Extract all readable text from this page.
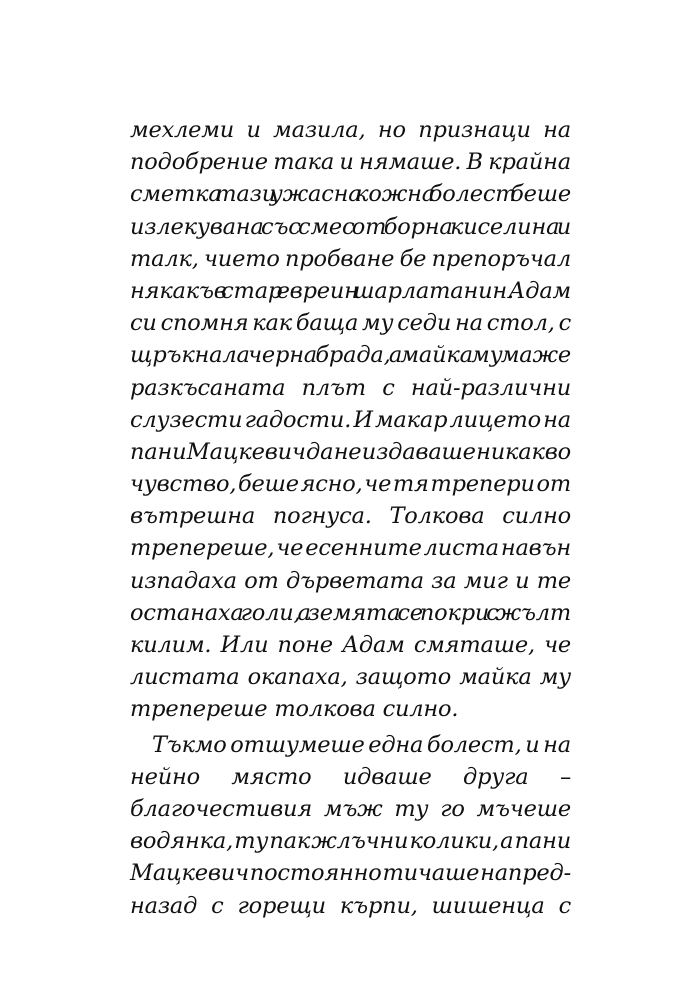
мехлеми и мазила, но признаци на
подобрение така и нямаше. В крайна
сметка тази ужасна кожна болест беше
излекувана със смес от борна киселина и
талк, чието пробване бе препоръчал
някакъв стар евреин шарлатанин. Адам
си спомня как баща му седи на стол, с
щръкнала черна брада, а майка му маже
разкъсаната плът с най-различни
слузести гадости. И макар лицето на
пани Мацкевич да не издаваше никакво
чувство, беше ясно, че тя трепери от
вътрешна погнуса. Толкова силно
трепереше, че есенните листа навън
изпадаха от дърветата за миг и те
останаха голи, а земята се покри с жълт
килим. Или поне Адам смяташе, че
листата окапаха, защото майка му
трепереше толкова силно.
Тъкмо отшумеше една болест, и на
нейно място идваше друга –
благочестивия мъж ту го мъчеше
водянка, ту пак жлъчни колики, а пани
Мацкевич постоянно тичаше напред-
назад с горещи кърпи, шишенца с
